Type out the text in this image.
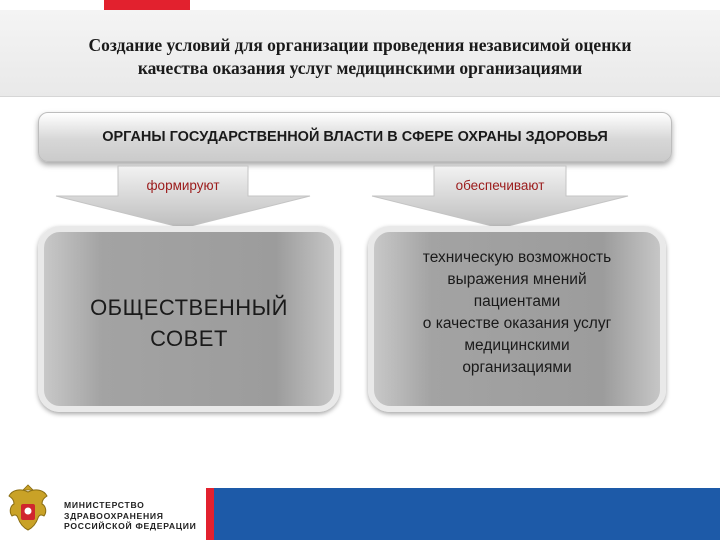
Создание условий для организации проведения независимой оценки
качества оказания услуг медицинскими организациями

ОРГАНЫ ГОСУДАРСТВЕННОЙ ВЛАСТИ В СФЕРЕ ОХРАНЫ ЗДОРОВЬЯ

формируют	обеспечивают
ОБЩЕСТВЕННЫЙ
СОВЕТ
техническую возможность
выражения мнений
пациентами
о качестве оказания услуг
медицинскими
организациями
МИНИСТЕРСТВО
ЗДРАВООХРАНЕНИЯ
РОССИЙСКОЙ ФЕДЕРАЦИИ
